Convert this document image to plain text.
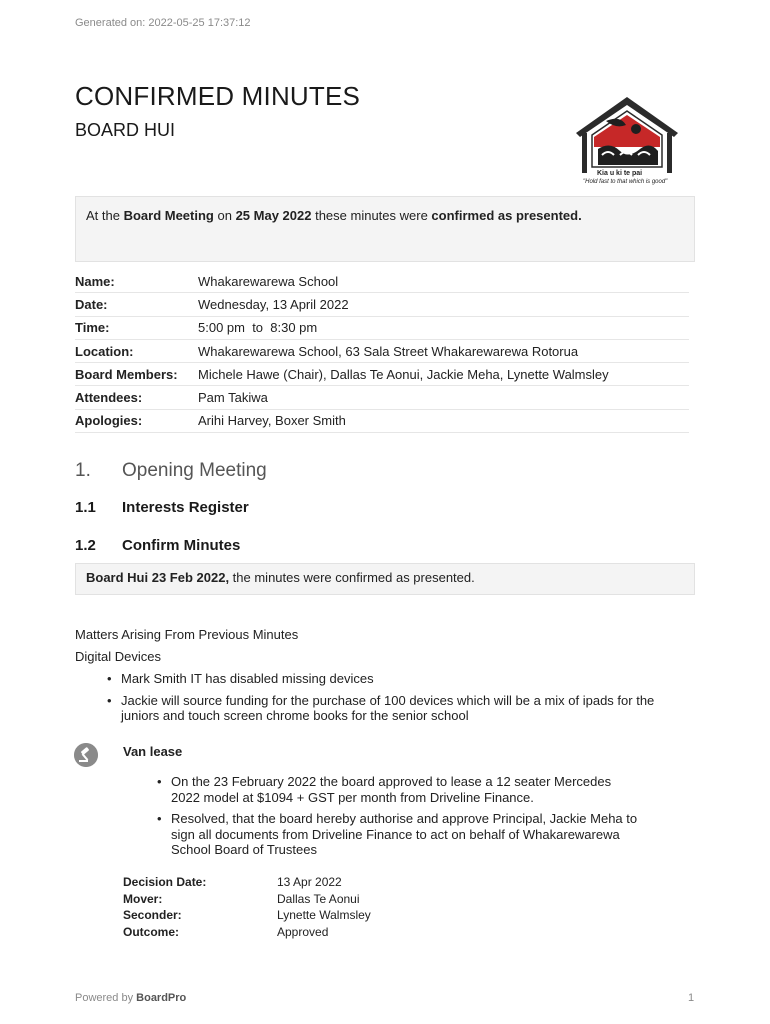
Generated on: 2022-05-25 17:37:12
CONFIRMED MINUTES
BOARD HUI
Kia u ki te pai
"Hold fast to that which is good"
At the Board Meeting on 25 May 2022 these minutes were confirmed as presented.
Name:	Whakarewarewa School
Date:	Wednesday, 13 April 2022
Time:	5:00 pm  to  8:30 pm
Location:	Whakarewarewa School, 63 Sala Street Whakarewarewa Rotorua
Board Members:	Michele Hawe (Chair), Dallas Te Aonui, Jackie Meha, Lynette Walmsley
Attendees:	Pam Takiwa
Apologies:	Arihi Harvey, Boxer Smith
1. Opening Meeting
1.1 Interests Register
1.2 Confirm Minutes
Board Hui 23 Feb 2022, the minutes were confirmed as presented.
Matters Arising From Previous Minutes
Digital Devices
• Mark Smith IT has disabled missing devices
• Jackie will source funding for the purchase of 100 devices which will be a mix of ipads for the juniors and touch screen chrome books for the senior school
Van lease
• On the 23 February 2022 the board approved to lease a 12 seater Mercedes 2022 model at $1094 + GST per month from Driveline Finance.
• Resolved, that the board hereby authorise and approve Principal, Jackie Meha to sign all documents from Driveline Finance to act on behalf of Whakarewarewa School Board of Trustees
Decision Date:	13 Apr 2022
Mover:	Dallas Te Aonui
Seconder:	Lynette Walmsley
Outcome:	Approved
Powered by BoardPro	1
